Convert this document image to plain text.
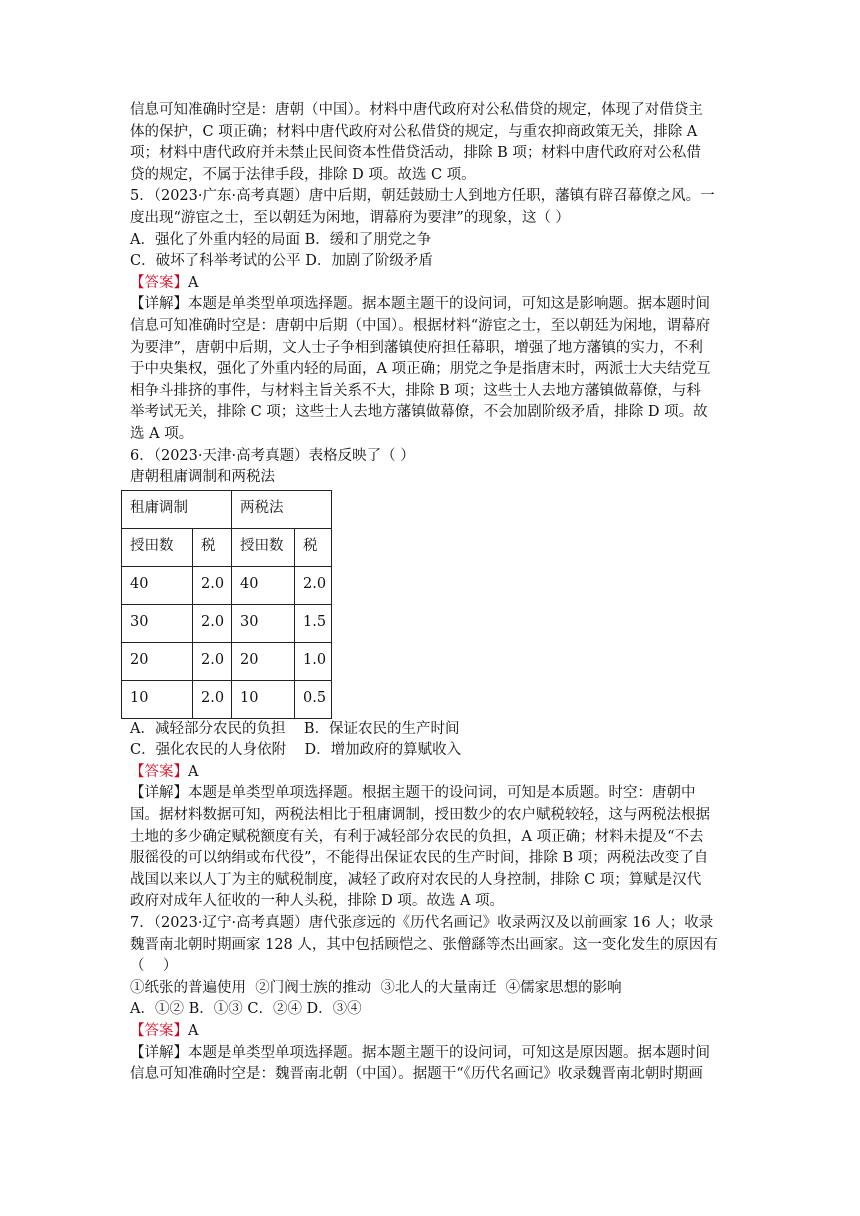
信息可知准确时空是：唐朝（中国）。材料中唐代政府对公私借贷的规定，体现了对借贷主

体的保护，C 项正确；材料中唐代政府对公私借贷的规定，与重农抑商政策无关，排除 A

项；材料中唐代政府并未禁止民间资本性借贷活动，排除 B 项；材料中唐代政府对公私借

贷的规定，不属于法律手段，排除 D 项。故选 C 项。

5．（2023·广东·高考真题）唐中后期，朝廷鼓励士人到地方任职，藩镇有辟召幕僚之风。一

度出现“游宦之士，至以朝廷为闲地，谓幕府为要津”的现象，这（ ）

A．强化了外重内轻的局面 B．缓和了朋党之争

C．破坏了科举考试的公平 D．加剧了阶级矛盾

【答案】A

【详解】本题是单类型单项选择题。据本题主题干的设问词，可知这是影响题。据本题时间

信息可知准确时空是：唐朝中后期（中国）。根据材料“游宦之士，至以朝廷为闲地，谓幕府

为要津”，唐朝中后期，文人士子争相到藩镇使府担任幕职，增强了地方藩镇的实力，不利

于中央集权，强化了外重内轻的局面，A 项正确；朋党之争是指唐末时，两派士大夫结党互

相争斗排挤的事件，与材料主旨关系不大，排除 B 项；这些士人去地方藩镇做幕僚，与科

举考试无关，排除 C 项；这些士人去地方藩镇做幕僚，不会加剧阶级矛盾，排除 D 项。故

选 A 项。

6．（2023·天津·高考真题）表格反映了（ ）

唐朝租庸调制和两税法

租庸调制		两税法	
授田数	税	授田数	税
40	2.0	40	2.0
30	2.0	30	1.5
20	2.0	20	1.0
10	2.0	10	0.5

A．减轻部分农民的负担    B．保证农民的生产时间

C．强化农民的人身依附    D．增加政府的算赋收入

【答案】A

【详解】本题是单类型单项选择题。根据主题干的设问词，可知是本质题。时空：唐朝中

国。据材料数据可知，两税法相比于租庸调制，授田数少的农户赋税较轻，这与两税法根据

土地的多少确定赋税额度有关，有利于减轻部分农民的负担，A 项正确；材料未提及“不去

服徭役的可以纳绢或布代役”，不能得出保证农民的生产时间，排除 B 项；两税法改变了自

战国以来以人丁为主的赋税制度，减轻了政府对农民的人身控制，排除 C 项；算赋是汉代

政府对成年人征收的一种人头税，排除 D 项。故选 A 项。

7．（2023·辽宁·高考真题）唐代张彦远的《历代名画记》收录两汉及以前画家 16 人；收录

魏晋南北朝时期画家 128 人，其中包括顾恺之、张僧繇等杰出画家。这一变化发生的原因有

（    ）

①纸张的普遍使用  ②门阀士族的推动  ③北人的大量南迁  ④儒家思想的影响

A．①② B．①③ C．②④ D．③④

【答案】A

【详解】本题是单类型单项选择题。据本题主题干的设问词，可知这是原因题。据本题时间

信息可知准确时空是：魏晋南北朝（中国）。据题干“《历代名画记》收录魏晋南北朝时期画
